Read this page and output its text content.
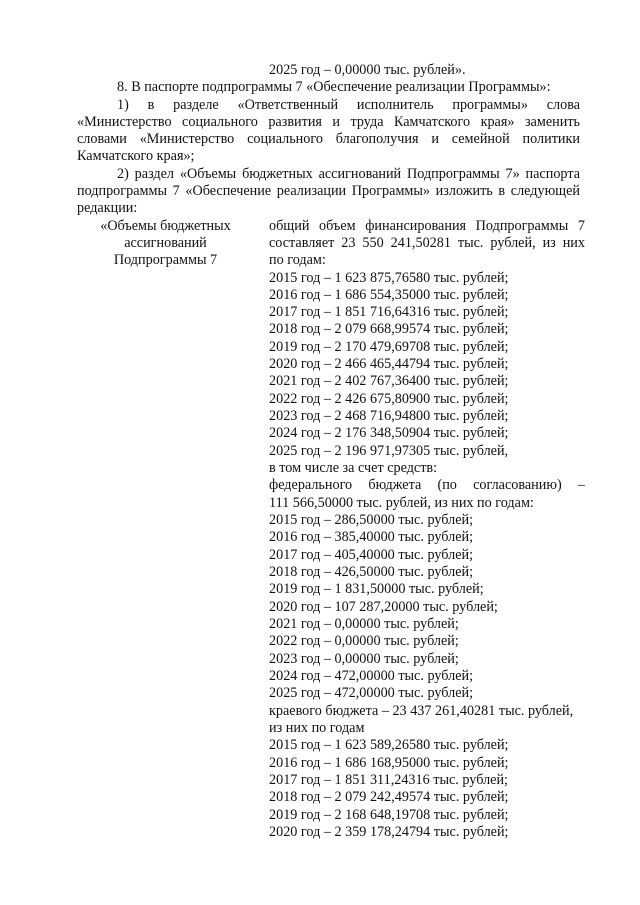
2025 год – 0,00000 тыс. рублей».
8. В паспорте подпрограммы 7 «Обеспечение реализации Программы»:
1) в разделе «Ответственный исполнитель программы» слова
«Министерство социального развития и труда Камчатского края» заменить
словами «Министерство социального благополучия и семейной политики
Камчатского края»;
2) раздел «Объемы бюджетных ассигнований Подпрограммы 7» паспорта
подпрограммы 7 «Обеспечение реализации Программы» изложить в следующей
редакции:
«Объемы бюджетных
ассигнований
Подпрограммы 7
общий объем финансирования Подпрограммы 7
составляет 23 550 241,50281 тыс. рублей, из них
по годам:
2015 год – 1 623 875,76580 тыс. рублей;
2016 год – 1 686 554,35000 тыс. рублей;
2017 год – 1 851 716,64316 тыс. рублей;
2018 год – 2 079 668,99574 тыс. рублей;
2019 год – 2 170 479,69708 тыс. рублей;
2020 год – 2 466 465,44794 тыс. рублей;
2021 год – 2 402 767,36400 тыс. рублей;
2022 год – 2 426 675,80900 тыс. рублей;
2023 год – 2 468 716,94800 тыс. рублей;
2024 год – 2 176 348,50904 тыс. рублей;
2025 год – 2 196 971,97305 тыс. рублей,
в том числе за счет средств:
федерального бюджета (по согласованию) –
111 566,50000 тыс. рублей, из них по годам:
2015 год – 286,50000 тыс. рублей;
2016 год – 385,40000 тыс. рублей;
2017 год – 405,40000 тыс. рублей;
2018 год – 426,50000 тыс. рублей;
2019 год – 1 831,50000 тыс. рублей;
2020 год – 107 287,20000 тыс. рублей;
2021 год – 0,00000 тыс. рублей;
2022 год – 0,00000 тыс. рублей;
2023 год – 0,00000 тыс. рублей;
2024 год – 472,00000 тыс. рублей;
2025 год – 472,00000 тыс. рублей;
краевого бюджета – 23 437 261,40281 тыс. рублей,
из них по годам
2015 год – 1 623 589,26580 тыс. рублей;
2016 год – 1 686 168,95000 тыс. рублей;
2017 год – 1 851 311,24316 тыс. рублей;
2018 год – 2 079 242,49574 тыс. рублей;
2019 год – 2 168 648,19708 тыс. рублей;
2020 год – 2 359 178,24794 тыс. рублей;
